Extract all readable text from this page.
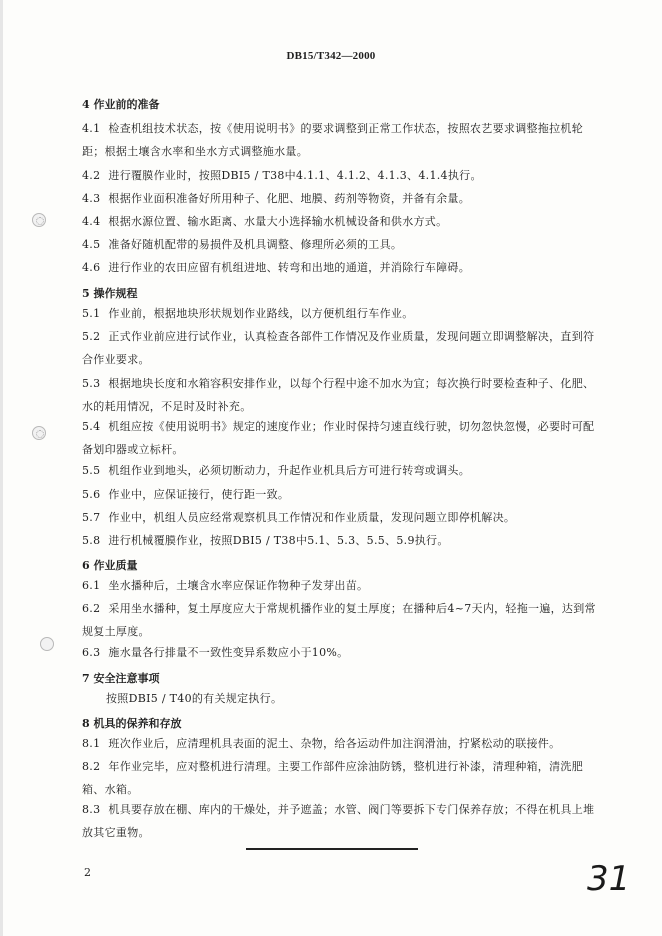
DB15/T342—2000
4 作业前的准备
4.1 检查机组技术状态，按《使用说明书》的要求调整到正常工作状态，按照农艺要求调整拖拉机轮距；根据土壤含水率和坐水方式调整施水量。
4.2 进行覆膜作业时，按照DBI5 / T38中4.1.1、4.1.2、4.1.3、4.1.4执行。
4.3 根据作业面积准备好所用种子、化肥、地膜、药剂等物资，并备有余量。
4.4 根据水源位置、输水距离、水量大小选择输水机械设备和供水方式。
4.5 准备好随机配带的易损件及机具调整、修理所必须的工具。
4.6 进行作业的农田应留有机组进地、转弯和出地的通道，并消除行车障碍。
5 操作规程
5.1 作业前，根据地块形状规划作业路线，以方便机组行车作业。
5.2 正式作业前应进行试作业，认真检查各部件工作情况及作业质量，发现问题立即调整解决，直到符合作业要求。
5.3 根据地块长度和水箱容积安排作业，以每个行程中途不加水为宜；每次换行时要检查种子、化肥、水的耗用情况，不足时及时补充。
5.4 机组应按《使用说明书》规定的速度作业；作业时保持匀速直线行驶，切勿忽快忽慢，必要时可配备划印器或立标杆。
5.5 机组作业到地头，必须切断动力，升起作业机具后方可进行转弯或调头。
5.6 作业中，应保证接行，使行距一致。
5.7 作业中，机组人员应经常观察机具工作情况和作业质量，发现问题立即停机解决。
5.8 进行机械覆膜作业，按照DBI5 / T38中5.1、5.3、5.5、5.9执行。
6 作业质量
6.1 坐水播种后，土壤含水率应保证作物种子发芽出苗。
6.2 采用坐水播种，复土厚度应大于常规机播作业的复土厚度；在播种后4~7天内，轻拖一遍，达到常规复土厚度。
6.3 施水量各行排量不一致性变异系数应小于10%。
7 安全注意事项
按照DBI5 / T40的有关规定执行。
8 机具的保养和存放
8.1 班次作业后，应清理机具表面的泥土、杂物，给各运动件加注润滑油，拧紧松动的联接件。
8.2 年作业完毕，应对整机进行清理。主要工作部件应涂油防锈，整机进行补漆，清理种箱，清洗肥箱、水箱。
8.3 机具要存放在棚、库内的干燥处，并予遮盖；水管、阀门等要拆下专门保养存放；不得在机具上堆放其它重物。
2	31
